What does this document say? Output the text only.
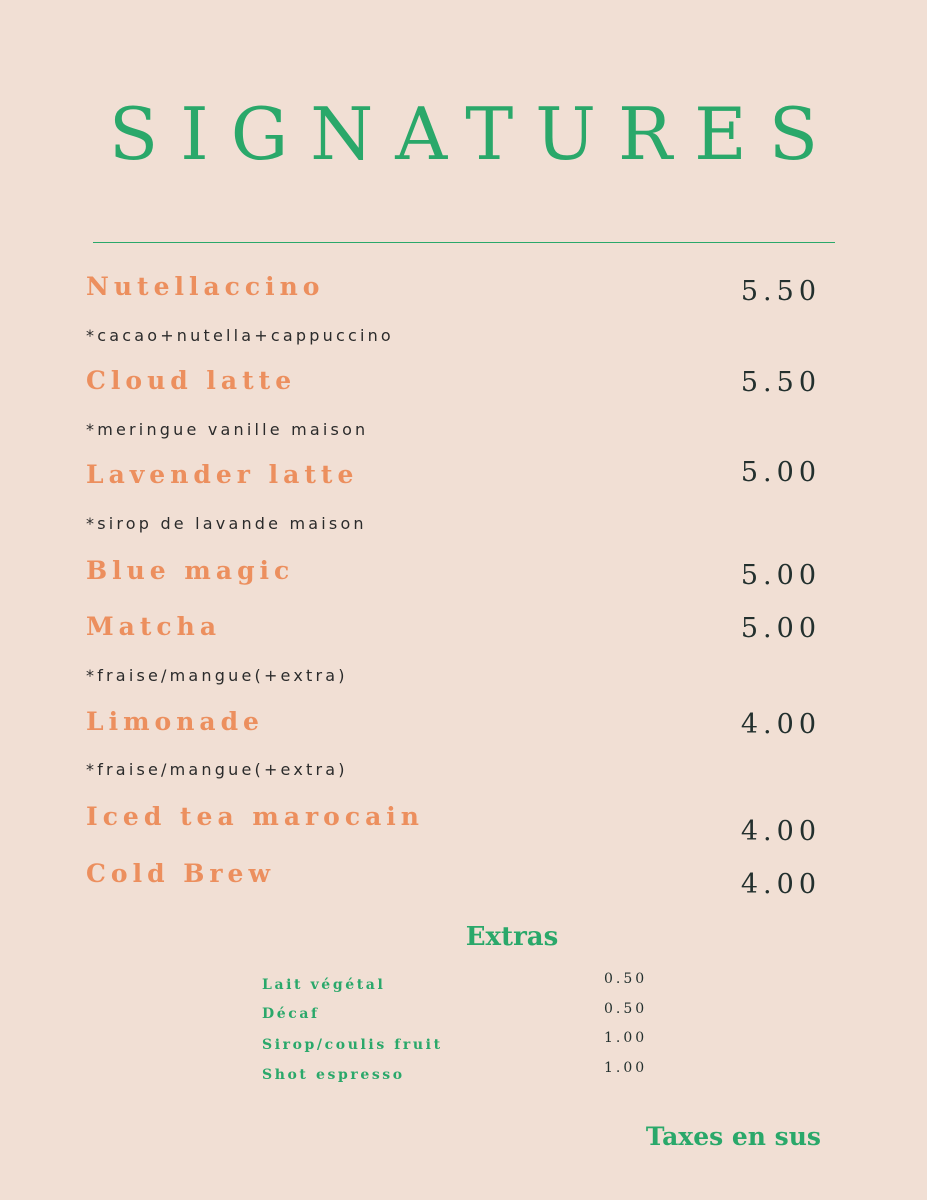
SIGNATURES
Nutellaccino	5.50
*cacao+nutella+cappuccino
Cloud latte	5.50
*meringue vanille maison
Lavender latte	5.00
*sirop de lavande maison
Blue magic	5.00
Matcha	5.00
*fraise/mangue(+extra)
Limonade	4.00
*fraise/mangue(+extra)
Iced tea marocain	4.00
Cold Brew	4.00
Extras
Lait végétal	0.50
Décaf	0.50
Sirop/coulis fruit	1.00
Shot espresso	1.00
Taxes en sus
